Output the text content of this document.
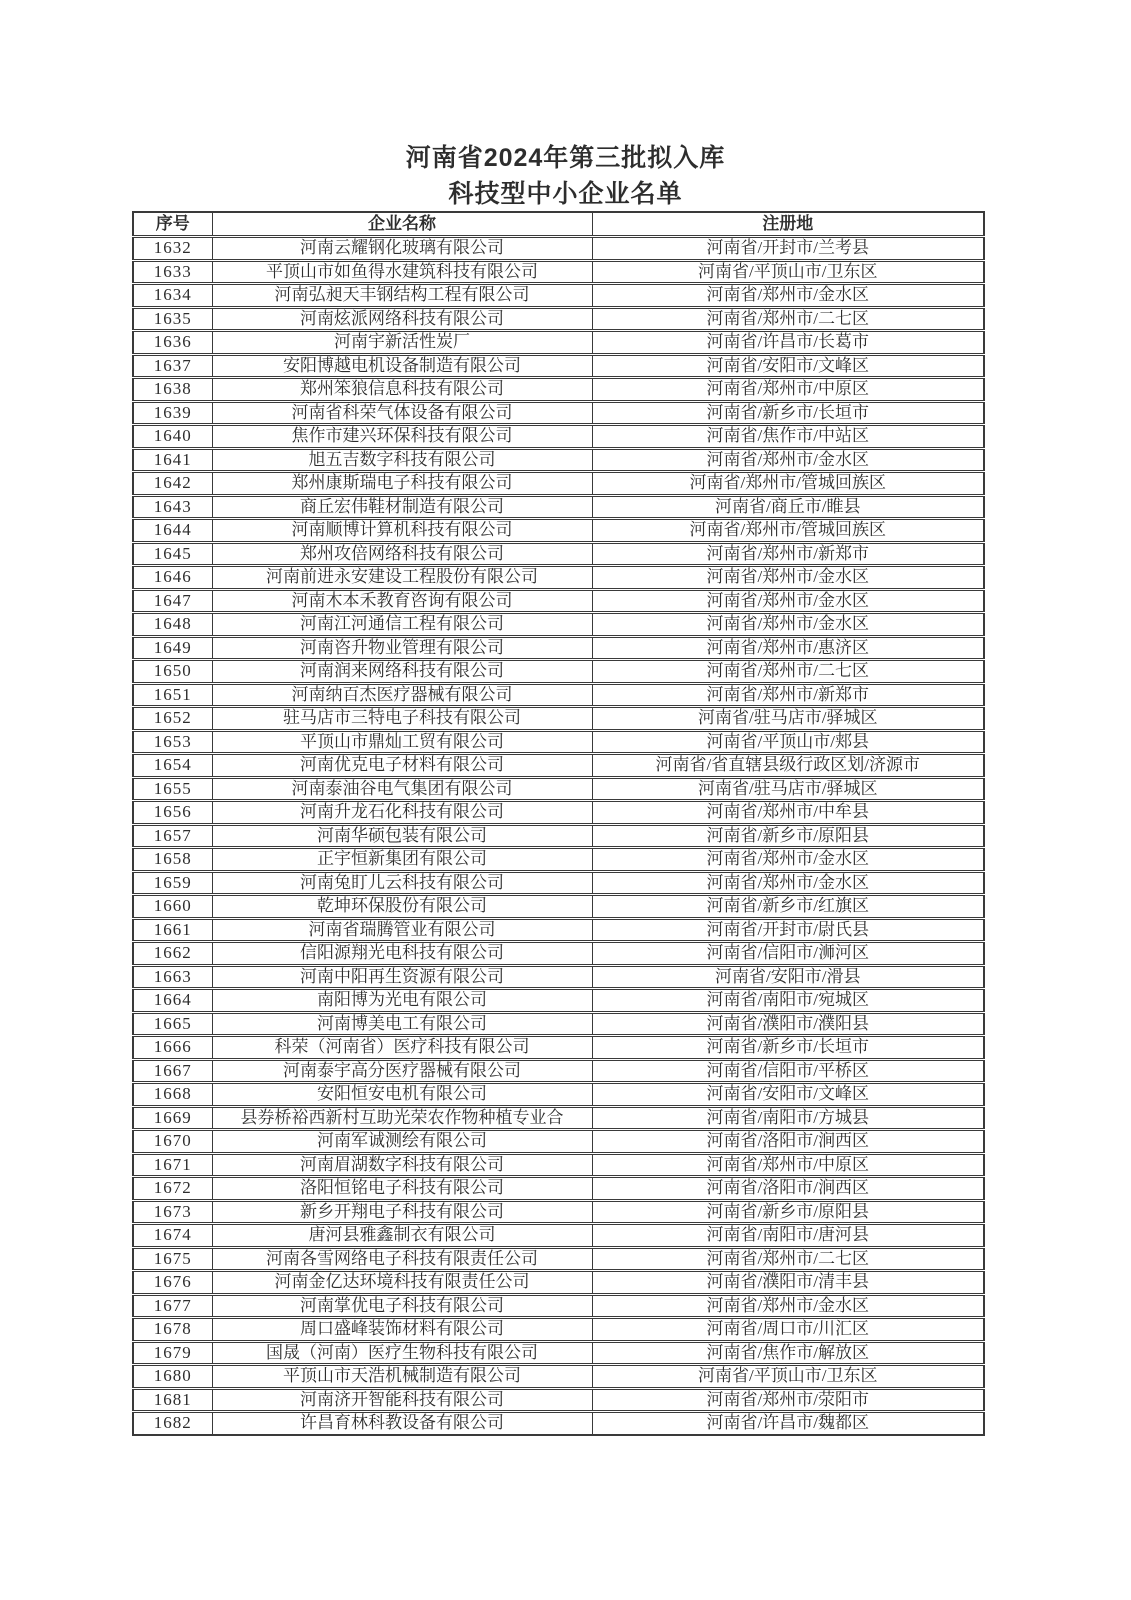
河南省2024年第三批拟入库
科技型中小企业名单
序号	企业名称	注册地
1632	河南云耀钢化玻璃有限公司	河南省/开封市/兰考县
1633	平顶山市如鱼得水建筑科技有限公司	河南省/平顶山市/卫东区
1634	河南弘昶天丰钢结构工程有限公司	河南省/郑州市/金水区
1635	河南炫派网络科技有限公司	河南省/郑州市/二七区
1636	河南宇新活性炭厂	河南省/许昌市/长葛市
1637	安阳博越电机设备制造有限公司	河南省/安阳市/文峰区
1638	郑州笨狼信息科技有限公司	河南省/郑州市/中原区
1639	河南省科荣气体设备有限公司	河南省/新乡市/长垣市
1640	焦作市建兴环保科技有限公司	河南省/焦作市/中站区
1641	旭五吉数字科技有限公司	河南省/郑州市/金水区
1642	郑州康斯瑞电子科技有限公司	河南省/郑州市/管城回族区
1643	商丘宏伟鞋材制造有限公司	河南省/商丘市/睢县
1644	河南顺博计算机科技有限公司	河南省/郑州市/管城回族区
1645	郑州攻倍网络科技有限公司	河南省/郑州市/新郑市
1646	河南前进永安建设工程股份有限公司	河南省/郑州市/金水区
1647	河南木本禾教育咨询有限公司	河南省/郑州市/金水区
1648	河南江河通信工程有限公司	河南省/郑州市/金水区
1649	河南咨升物业管理有限公司	河南省/郑州市/惠济区
1650	河南润来网络科技有限公司	河南省/郑州市/二七区
1651	河南纳百杰医疗器械有限公司	河南省/郑州市/新郑市
1652	驻马店市三特电子科技有限公司	河南省/驻马店市/驿城区
1653	平顶山市鼎灿工贸有限公司	河南省/平顶山市/郏县
1654	河南优克电子材料有限公司	河南省/省直辖县级行政区划/济源市
1655	河南泰油谷电气集团有限公司	河南省/驻马店市/驿城区
1656	河南升龙石化科技有限公司	河南省/郑州市/中牟县
1657	河南华硕包装有限公司	河南省/新乡市/原阳县
1658	正宇恒新集团有限公司	河南省/郑州市/金水区
1659	河南兔盯儿云科技有限公司	河南省/郑州市/金水区
1660	乾坤环保股份有限公司	河南省/新乡市/红旗区
1661	河南省瑞腾管业有限公司	河南省/开封市/尉氏县
1662	信阳源翔光电科技有限公司	河南省/信阳市/浉河区
1663	河南中阳再生资源有限公司	河南省/安阳市/滑县
1664	南阳博为光电有限公司	河南省/南阳市/宛城区
1665	河南博美电工有限公司	河南省/濮阳市/濮阳县
1666	科荣（河南省）医疗科技有限公司	河南省/新乡市/长垣市
1667	河南泰宇高分医疗器械有限公司	河南省/信阳市/平桥区
1668	安阳恒安电机有限公司	河南省/安阳市/文峰区
1669	县券桥裕西新村互助光荣农作物种植专业合	河南省/南阳市/方城县
1670	河南军诚测绘有限公司	河南省/洛阳市/涧西区
1671	河南眉湖数字科技有限公司	河南省/郑州市/中原区
1672	洛阳恒铭电子科技有限公司	河南省/洛阳市/涧西区
1673	新乡开翔电子科技有限公司	河南省/新乡市/原阳县
1674	唐河县雅鑫制衣有限公司	河南省/南阳市/唐河县
1675	河南各雪网络电子科技有限责任公司	河南省/郑州市/二七区
1676	河南金亿达环境科技有限责任公司	河南省/濮阳市/清丰县
1677	河南掌优电子科技有限公司	河南省/郑州市/金水区
1678	周口盛峰装饰材料有限公司	河南省/周口市/川汇区
1679	国晟（河南）医疗生物科技有限公司	河南省/焦作市/解放区
1680	平顶山市天浩机械制造有限公司	河南省/平顶山市/卫东区
1681	河南济开智能科技有限公司	河南省/郑州市/荥阳市
1682	许昌育林科教设备有限公司	河南省/许昌市/魏都区
